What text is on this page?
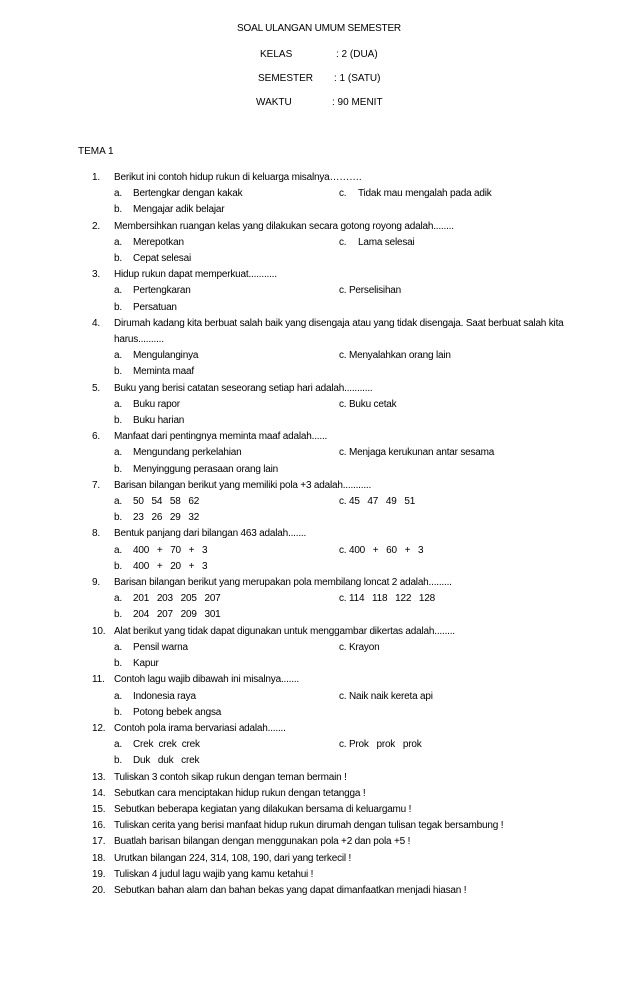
SOAL ULANGAN UMUM SEMESTER
KELAS	: 2 (DUA)
SEMESTER : 1 (SATU)
WAKTU	: 90 MENIT
TEMA 1
1.	Berikut ini contoh hidup rukun di keluarga misalnya……….
a.	Bertengkar dengan kakak	c.	Tidak mau mengalah pada adik
b.	Mengajar adik belajar
2.	Membersihkan ruangan kelas yang dilakukan secara gotong royong adalah........
a.	Merepotkan	c.	Lama selesai
b.	Cepat selesai
3.	Hidup rukun dapat memperkuat...........
a.	Pertengkaran	c. Perselisihan
b.	Persatuan
4.	Dirumah kadang kita berbuat salah baik yang disengaja atau yang tidak disengaja. Saat berbuat salah kita harus..........
a.	Mengulanginya	c. Menyalahkan orang lain
b.	Meminta maaf
5.	Buku yang berisi catatan seseorang setiap hari adalah...........
a.	Buku rapor	c. Buku cetak
b.	Buku harian
6.	Manfaat dari pentingnya meminta maaf adalah......
a.	Mengundang perkelahian	c. Menjaga kerukunan antar sesama
b.	Menyinggung perasaan orang lain
7.	Barisan bilangan berikut yang memiliki pola +3 adalah...........
a.	50   54   58   62	c. 45   47   49   51
b.	23   26   29   32
8.	Bentuk panjang dari bilangan 463 adalah.......
a.	400   +   70   +   3	c. 400   +   60   +   3
b.	400   +   20   +   3
9.	Barisan bilangan berikut yang merupakan pola membilang loncat 2 adalah.........
a.	201   203   205   207	c. 114   118   122   128
b.	204   207   209   301
10. Alat berikut yang tidak dapat digunakan untuk menggambar dikertas adalah........
a.	Pensil warna	c. Krayon
b.	Kapur
11. Contoh lagu wajib dibawah ini misalnya.......
a.	Indonesia raya	c. Naik naik kereta api
b.	Potong bebek angsa
12. Contoh pola irama bervariasi adalah.......
a.	Crek  crek  crek	c. Prok   prok   prok
b.	Duk   duk   crek
13. Tuliskan 3 contoh sikap rukun dengan teman bermain !
14. Sebutkan cara menciptakan hidup rukun dengan tetangga !
15. Sebutkan beberapa kegiatan yang dilakukan bersama di keluargamu !
16. Tuliskan cerita yang berisi manfaat hidup rukun dirumah dengan tulisan tegak bersambung !
17. Buatlah barisan bilangan dengan menggunakan pola +2 dan pola +5 !
18. Urutkan bilangan 224, 314, 108, 190, dari yang terkecil !
19. Tuliskan 4 judul lagu wajib yang kamu ketahui !
20. Sebutkan bahan alam dan bahan bekas yang dapat dimanfaatkan menjadi hiasan !
